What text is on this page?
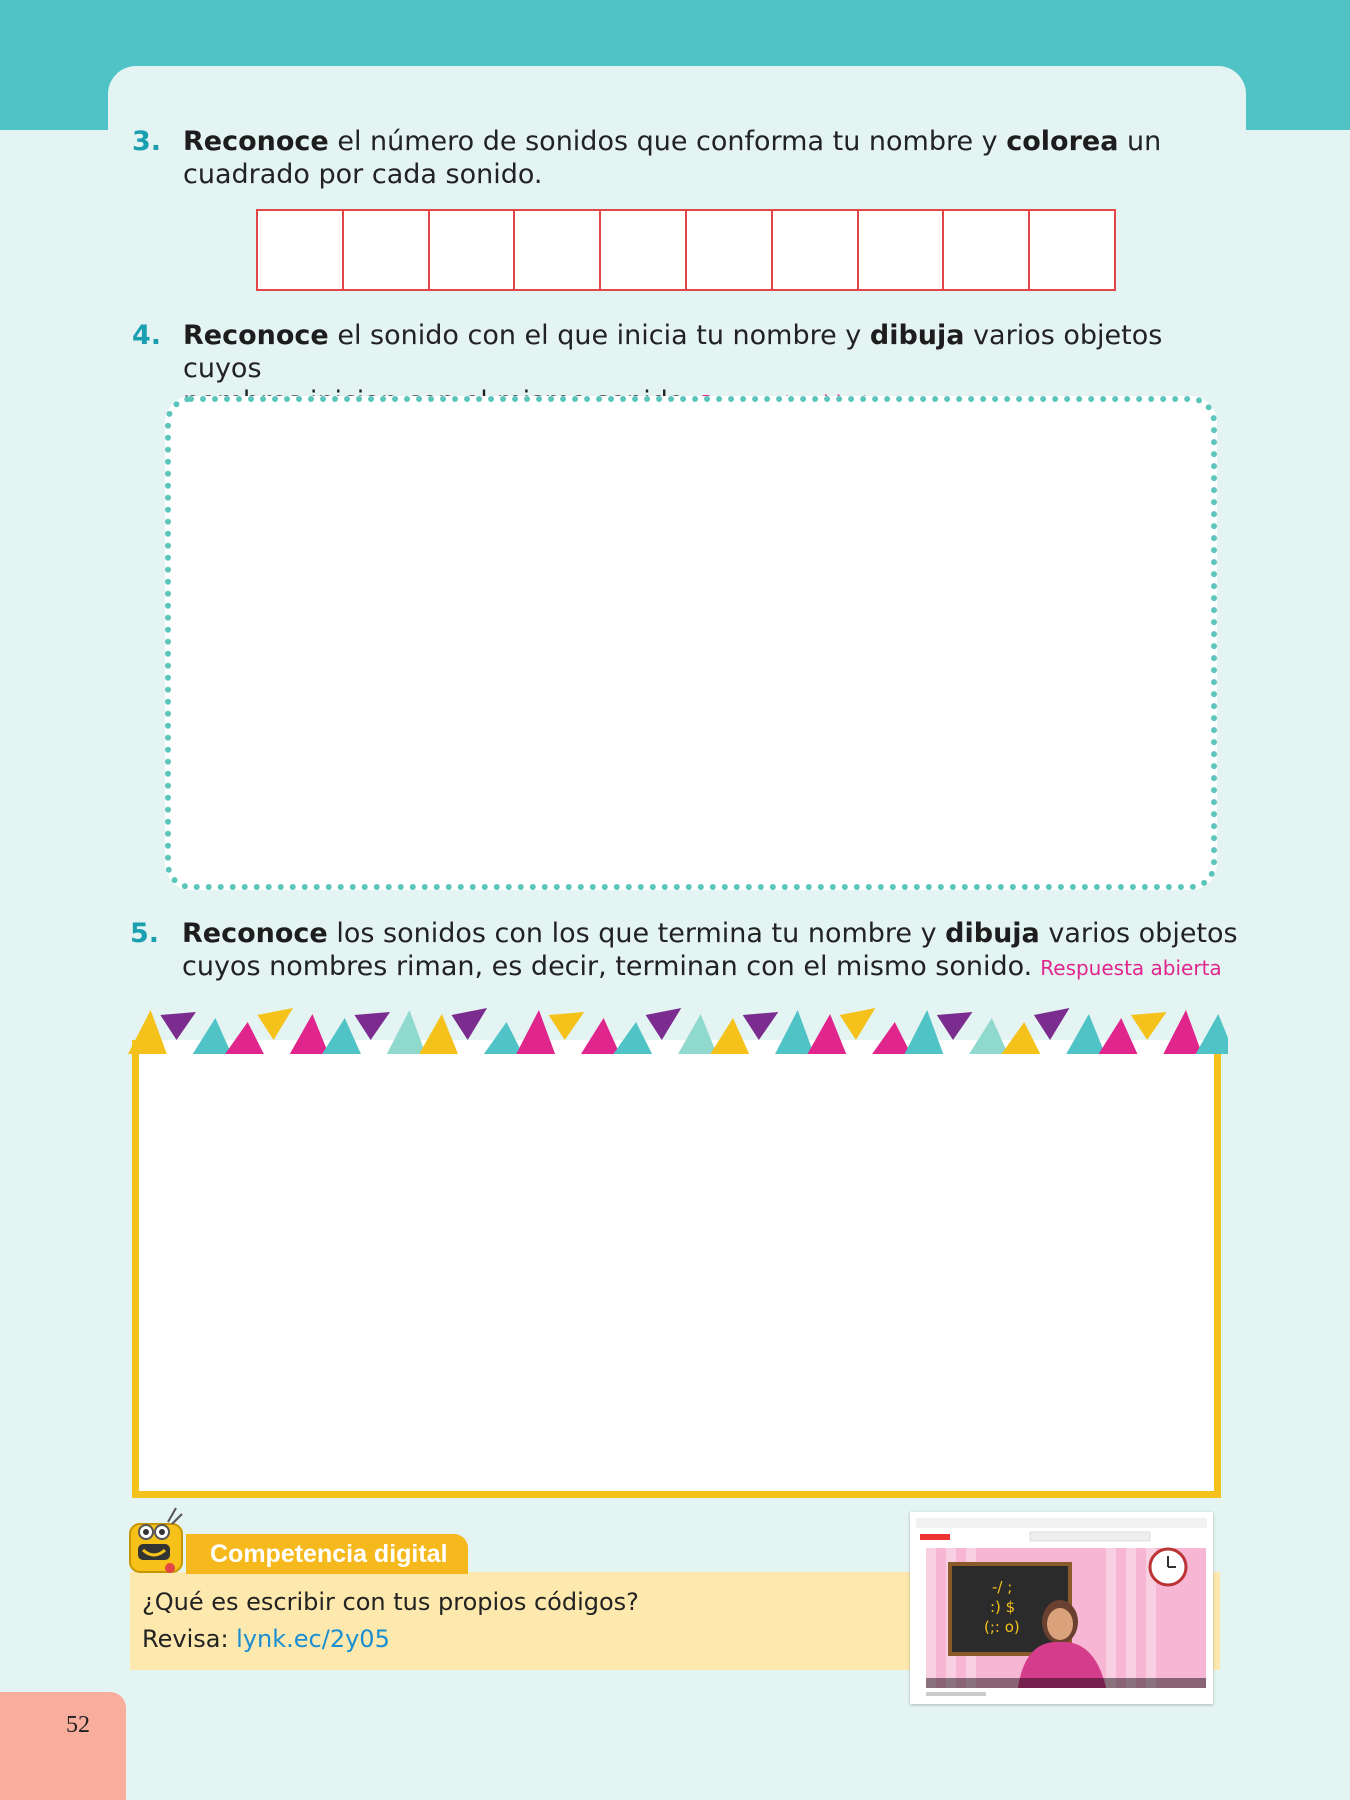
3. Reconoce el número de sonidos que conforma tu nombre y colorea un
cuadrado por cada sonido.
4. Reconoce el sonido con el que inicia tu nombre y dibuja varios objetos cuyos
5. Reconoce los sonidos con los que termina tu nombre y dibuja varios objetos
cuyos nombres riman, es decir, terminan con el mismo sonido. Respuesta abierta
Competencia digital
¿Qué es escribir con tus propios códigos?
Revisa: lynk.ec/2y05
-/ ;
:) $
(;: o)
52
